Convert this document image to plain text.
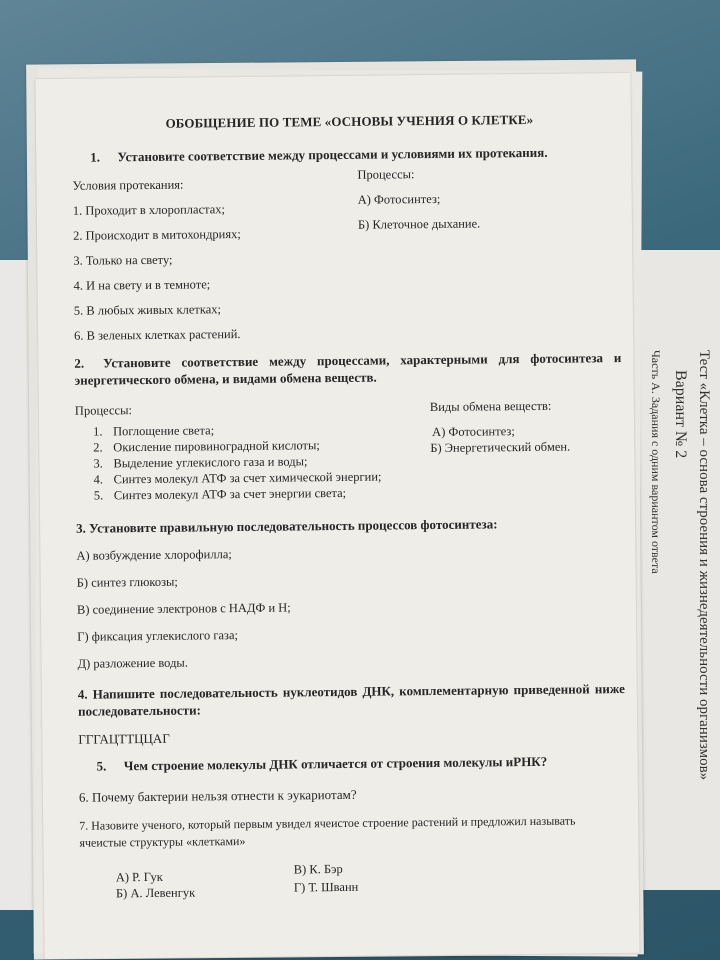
Тест «Клетка – основа строения и жизнедеятельности организмов»
Вариант № 2
Часть А. Задания с одним вариантом ответа

ОБОБЩЕНИЕ ПО ТЕМЕ «ОСНОВЫ УЧЕНИЯ О КЛЕТКЕ»

1. Установите соответствие между процессами и условиями их протекания.

Условия протекания:

1. Проходит в хлоропластах;

2. Происходит в митохондриях;

3. Только на свету;

4. И на свету и в темноте;

5. В любых живых клетках;

6. В зеленых клетках растений.

Процессы:

А) Фотосинтез;

Б) Клеточное дыхание.

2. Установите соответствие между процессами, характерными для фотосинтеза и энергетического обмена, и видами обмена веществ.

Процессы:

1. Поглощение света;

2. Окисление пировиноградной кислоты;

3. Выделение углекислого газа и воды;

4. Синтез молекул АТФ за счет химической энергии;

5. Синтез молекул АТФ за счет энергии света;

Виды обмена веществ:

А) Фотосинтез;

Б) Энергетический обмен.

3. Установите правильную последовательность процессов фотосинтеза:

А) возбуждение хлорофилла;

Б) синтез глюкозы;

В) соединение электронов с НАДФ и Н;

Г) фиксация углекислого газа;

Д) разложение воды.

4. Напишите последовательность нуклеотидов ДНК, комплементарную приведенной ниже последовательности:

ГГГАЦТТЦЦАГ

5. Чем строение молекулы ДНК отличается от строения молекулы иРНК?

6. Почему бактерии нельзя отнести к эукариотам?

7. Назовите ученого, который первым увидел ячеистое строение растений и предложил называть ячеистые структуры «клетками»

А) Р. Гук
Б) А. Левенгук
В) К. Бэр
Г) Т. Шванн
